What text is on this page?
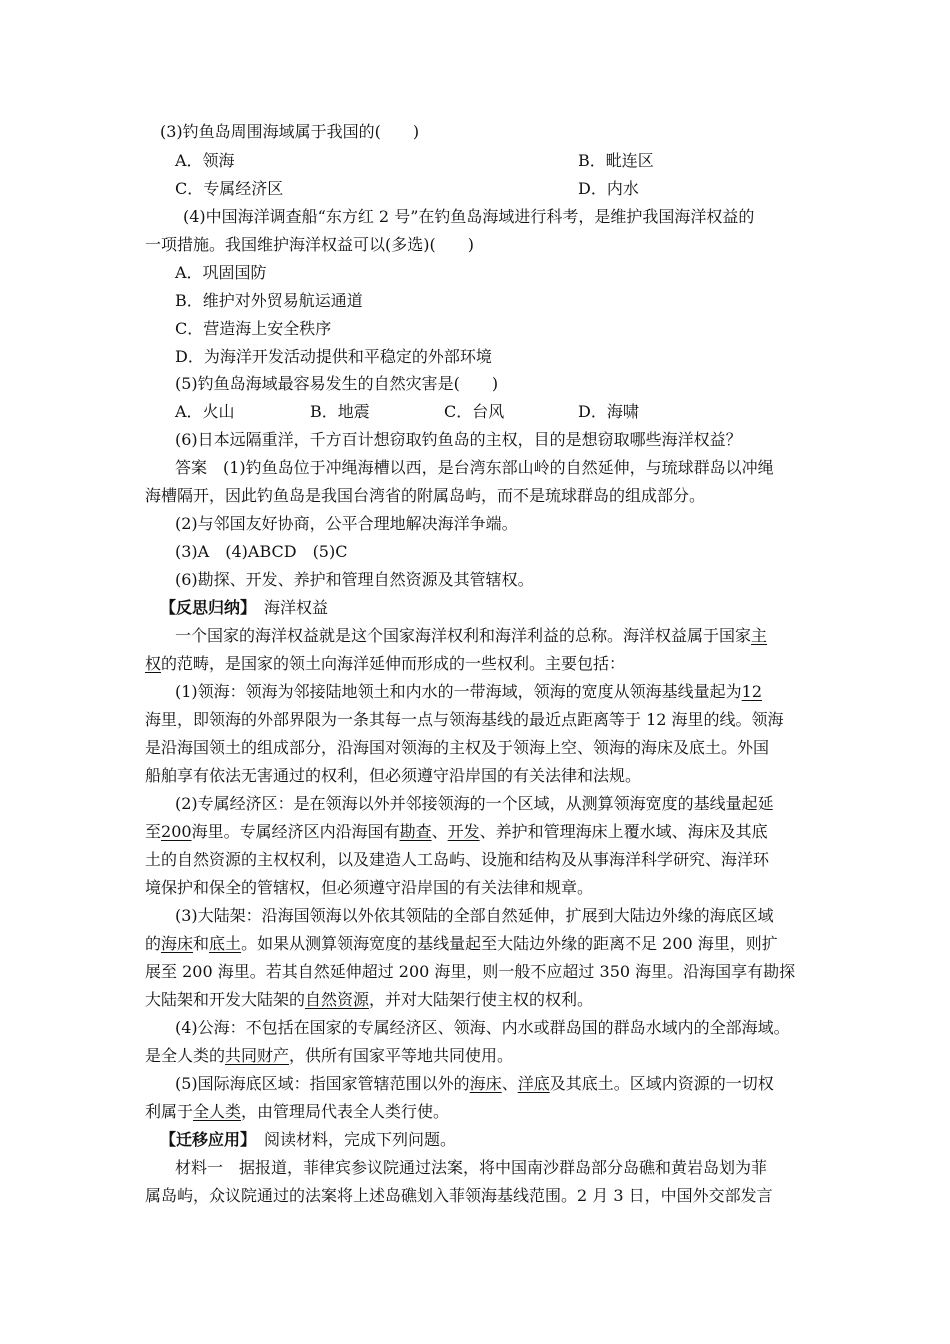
(3)钓鱼岛周围海域属于我国的(　　)
A．领海	B．毗连区
C．专属经济区	D．内水
(4)中国海洋调查船“东方红 2 号”在钓鱼岛海域进行科考，是维护我国海洋权益的
一项措施。我国维护海洋权益可以(多选)(　　)
A．巩固国防
B．维护对外贸易航运通道
C．营造海上安全秩序
D．为海洋开发活动提供和平稳定的外部环境
(5)钓鱼岛海域最容易发生的自然灾害是(　　)
A．火山	B．地震	C．台风	D．海啸
(6)日本远隔重洋，千方百计想窃取钓鱼岛的主权，目的是想窃取哪些海洋权益？
答案　(1)钓鱼岛位于冲绳海槽以西，是台湾东部山岭的自然延伸，与琉球群岛以冲绳
海槽隔开，因此钓鱼岛是我国台湾省的附属岛屿，而不是琉球群岛的组成部分。
(2)与邻国友好协商，公平合理地解决海洋争端。
(3)A　(4)ABCD　(5)C
(6)勘探、开发、养护和管理自然资源及其管辖权。
【反思归纳】 海洋权益
一个国家的海洋权益就是这个国家海洋权利和海洋利益的总称。海洋权益属于国家主
权的范畴，是国家的领土向海洋延伸而形成的一些权利。主要包括：
(1)领海：领海为邻接陆地领土和内水的一带海域，领海的宽度从领海基线量起为12
海里，即领海的外部界限为一条其每一点与领海基线的最近点距离等于 12 海里的线。领海
是沿海国领土的组成部分，沿海国对领海的主权及于领海上空、领海的海床及底土。外国
船舶享有依法无害通过的权利，但必须遵守沿岸国的有关法律和法规。
(2)专属经济区：是在领海以外并邻接领海的一个区域，从测算领海宽度的基线量起延
至200海里。专属经济区内沿海国有勘查、开发、养护和管理海床上覆水域、海床及其底
土的自然资源的主权权利，以及建造人工岛屿、设施和结构及从事海洋科学研究、海洋环
境保护和保全的管辖权，但必须遵守沿岸国的有关法律和规章。
(3)大陆架：沿海国领海以外依其领陆的全部自然延伸，扩展到大陆边外缘的海底区域
的海床和底土。如果从测算领海宽度的基线量起至大陆边外缘的距离不足 200 海里，则扩
展至 200 海里。若其自然延伸超过 200 海里，则一般不应超过 350 海里。沿海国享有勘探
大陆架和开发大陆架的自然资源，并对大陆架行使主权的权利。
(4)公海：不包括在国家的专属经济区、领海、内水或群岛国的群岛水域内的全部海域。
是全人类的共同财产，供所有国家平等地共同使用。
(5)国际海底区域：指国家管辖范围以外的海床、洋底及其底土。区域内资源的一切权
利属于全人类，由管理局代表全人类行使。
【迁移应用】 阅读材料，完成下列问题。
材料一　据报道，菲律宾参议院通过法案，将中国南沙群岛部分岛礁和黄岩岛划为菲
属岛屿，众议院通过的法案将上述岛礁划入菲领海基线范围。2 月 3 日，中国外交部发言
